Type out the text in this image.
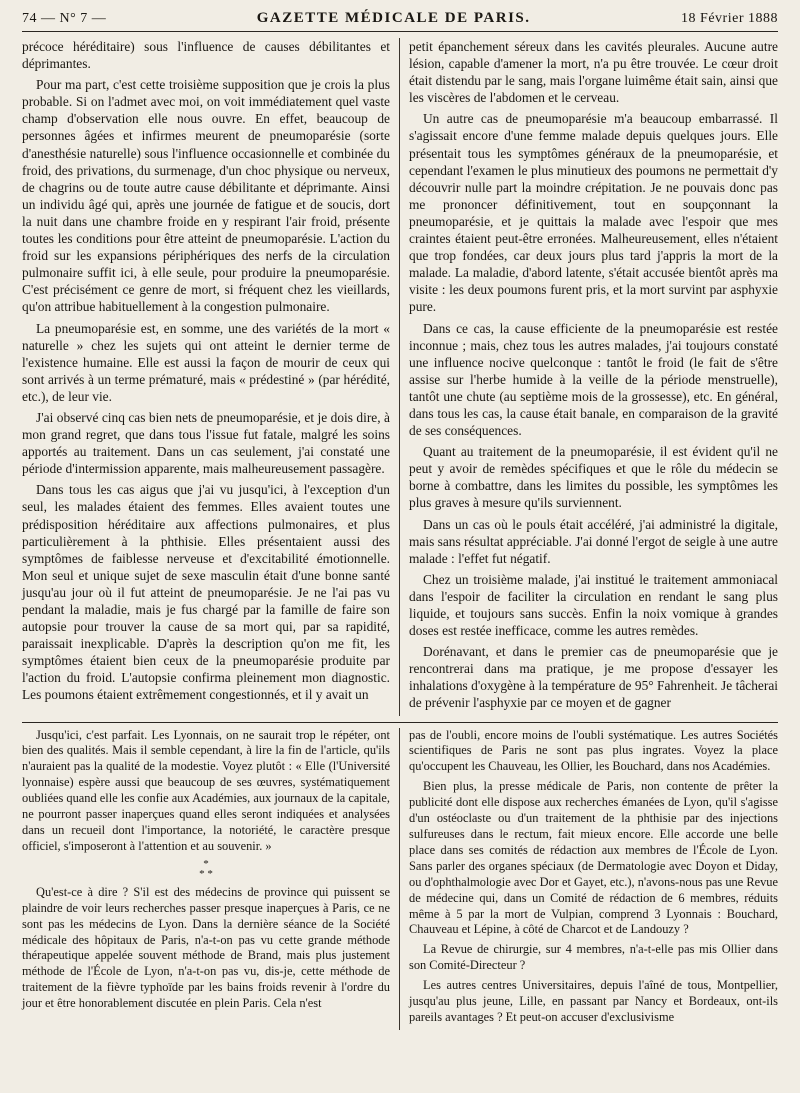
74 — N° 7 —	GAZETTE MÉDICALE DE PARIS.	18 Février 1888

précoce héréditaire) sous l'influence de causes débilitantes et déprimantes.

Pour ma part, c'est cette troisième supposition que je crois la plus probable. Si on l'admet avec moi, on voit immédiatement quel vaste champ d'observation elle nous ouvre. En effet, beaucoup de personnes âgées et infirmes meurent de pneumoparésie (sorte d'anesthésie naturelle) sous l'influence occasionnelle et combinée du froid, des privations, du surmenage, d'un choc physique ou nerveux, de chagrins ou de toute autre cause débilitante et déprimante. Ainsi un individu âgé qui, après une journée de fatigue et de soucis, dort la nuit dans une chambre froide en y respirant l'air froid, présente toutes les conditions pour être atteint de pneumoparésie. L'action du froid sur les expansions périphériques des nerfs de la circulation pulmonaire suffit ici, à elle seule, pour produire la pneumoparésie. C'est précisément ce genre de mort, si fréquent chez les vieillards, qu'on attribue habituellement à la congestion pulmonaire.

La pneumoparésie est, en somme, une des variétés de la mort « naturelle » chez les sujets qui ont atteint le dernier terme de l'existence humaine. Elle est aussi la façon de mourir de ceux qui sont arrivés à un terme prématuré, mais « prédestiné » (par hérédité, etc.), de leur vie.

J'ai observé cinq cas bien nets de pneumoparésie, et je dois dire, à mon grand regret, que dans tous l'issue fut fatale, malgré les soins apportés au traitement. Dans un cas seulement, j'ai constaté une période d'intermission apparente, mais malheureusement passagère.

Dans tous les cas aigus que j'ai vu jusqu'ici, à l'exception d'un seul, les malades étaient des femmes. Elles avaient toutes une prédisposition héréditaire aux affections pulmonaires, et plus particulièrement à la phthisie. Elles présentaient aussi des symptômes de faiblesse nerveuse et d'excitabilité émotionnelle. Mon seul et unique sujet de sexe masculin était d'une bonne santé jusqu'au jour où il fut atteint de pneumoparésie. Je ne l'ai pas vu pendant la maladie, mais je fus chargé par la famille de faire son autopsie pour trouver la cause de sa mort qui, par sa rapidité, paraissait inexplicable. D'après la description qu'on me fit, les symptômes étaient bien ceux de la pneumoparésie produite par l'action du froid. L'autopsie confirma pleinement mon diagnostic. Les poumons étaient extrêmement congestionnés, et il y avait un

petit épanchement séreux dans les cavités pleurales. Aucune autre lésion, capable d'amener la mort, n'a pu être trouvée. Le cœur droit était distendu par le sang, mais l'organe luimême était sain, ainsi que les viscères de l'abdomen et le cerveau.

Un autre cas de pneumoparésie m'a beaucoup embarrassé. Il s'agissait encore d'une femme malade depuis quelques jours. Elle présentait tous les symptômes généraux de la pneumoparésie, et cependant l'examen le plus minutieux des poumons ne permettait d'y découvrir nulle part la moindre crépitation. Je ne pouvais donc pas me prononcer définitivement, tout en soupçonnant la pneumoparésie, et je quittais la malade avec l'espoir que mes craintes étaient peut-être erronées. Malheureusement, elles n'étaient que trop fondées, car deux jours plus tard j'appris la mort de la malade. La maladie, d'abord latente, s'était accusée bientôt après ma visite : les deux poumons furent pris, et la mort survint par asphyxie pure.

Dans ce cas, la cause efficiente de la pneumoparésie est restée inconnue ; mais, chez tous les autres malades, j'ai toujours constaté une influence nocive quelconque : tantôt le froid (le fait de s'être assise sur l'herbe humide à la veille de la période menstruelle), tantôt une chute (au septième mois de la grossesse), etc. En général, dans tous les cas, la cause était banale, en comparaison de la gravité de ses conséquences.

Quant au traitement de la pneumoparésie, il est évident qu'il ne peut y avoir de remèdes spécifiques et que le rôle du médecin se borne à combattre, dans les limites du possible, les symptômes les plus graves à mesure qu'ils surviennent.

Dans un cas où le pouls était accéléré, j'ai administré la digitale, mais sans résultat appréciable. J'ai donné l'ergot de seigle à une autre malade : l'effet fut négatif.

Chez un troisième malade, j'ai institué le traitement ammoniacal dans l'espoir de faciliter la circulation en rendant le sang plus liquide, et toujours sans succès. Enfin la noix vomique à grandes doses est restée inefficace, comme les autres remèdes.

Dorénavant, et dans le premier cas de pneumoparésie que je rencontrerai dans ma pratique, je me propose d'essayer les inhalations d'oxygène à la température de 95° Fahrenheit. Je tâcherai de prévenir l'asphyxie par ce moyen et de gagner

Jusqu'ici, c'est parfait. Les Lyonnais, on ne saurait trop le répéter, ont bien des qualités. Mais il semble cependant, à lire la fin de l'article, qu'ils n'auraient pas la qualité de la modestie. Voyez plutôt : « Elle (l'Université lyonnaise) espère aussi que beaucoup de ses œuvres, systématiquement oubliées quand elle les confie aux Académies, aux journaux de la capitale, ne pourront passer inaperçues quand elles seront indiquées et analysées dans un recueil dont l'importance, la notoriété, le caractère presque officiel, s'imposeront à l'attention et au souvenir. »

*
* *

Qu'est-ce à dire ? S'il est des médecins de province qui puissent se plaindre de voir leurs recherches passer presque inaperçues à Paris, ce ne sont pas les médecins de Lyon. Dans la dernière séance de la Société médicale des hôpitaux de Paris, n'a-t-on pas vu cette grande méthode thérapeutique appelée souvent méthode de Brand, mais plus justement méthode de l'École de Lyon, n'a-t-on pas vu, dis-je, cette méthode de traitement de la fièvre typhoïde par les bains froids revenir à l'ordre du jour et être honorablement discutée en plein Paris. Cela n'est

pas de l'oubli, encore moins de l'oubli systématique. Les autres Sociétés scientifiques de Paris ne sont pas plus ingrates. Voyez la place qu'occupent les Chauveau, les Ollier, les Bouchard, dans nos Académies.

Bien plus, la presse médicale de Paris, non contente de prêter la publicité dont elle dispose aux recherches émanées de Lyon, qu'il s'agisse d'un ostéoclaste ou d'un traitement de la phthisie par des injections sulfureuses dans le rectum, fait mieux encore. Elle accorde une belle place dans ses comités de rédaction aux membres de l'École de Lyon. Sans parler des organes spéciaux (de Dermatologie avec Doyon et Diday, ou d'ophthalmologie avec Dor et Gayet, etc.), n'avons-nous pas une Revue de médecine qui, dans un Comité de rédaction de 6 membres, réduits même à 5 par la mort de Vulpian, comprend 3 Lyonnais : Bouchard, Chauveau et Lépine, à côté de Charcot et de Landouzy ?

La Revue de chirurgie, sur 4 membres, n'a-t-elle pas mis Ollier dans son Comité-Directeur ?

Les autres centres Universitaires, depuis l'aîné de tous, Montpellier, jusqu'au plus jeune, Lille, en passant par Nancy et Bordeaux, ont-ils pareils avantages ? Et peut-on accuser d'exclusivisme
